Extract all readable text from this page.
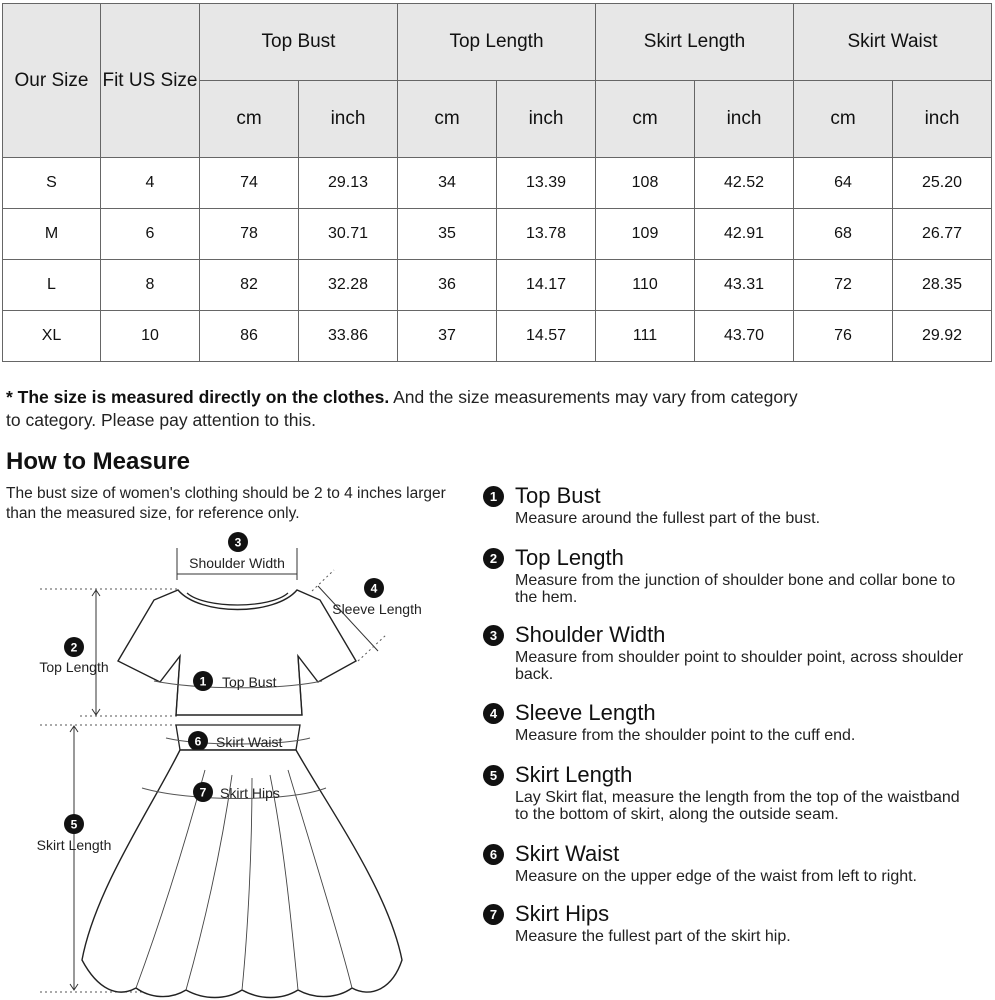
Our Size	Fit US Size	Top Bust		Top Length		Skirt Length		Skirt Waist	
		cm	inch	cm	inch	cm	inch	cm	inch
S	4	74	29.13	34	13.39	108	42.52	64	25.20
M	6	78	30.71	35	13.78	109	42.91	68	26.77
L	8	82	32.28	36	14.17	110	43.31	72	28.35
XL	10	86	33.86	37	14.57	111	43.70	76	29.92
* The size is measured directly on the clothes. And the size measurements may vary from category to category. Please pay attention to this.
How to Measure
The bust size of women's clothing should be 2 to 4 inches larger than the measured size, for reference only.
3
Shoulder Width
2
Top Length
4
Sleeve Length
1 Top Bust
5
Skirt Length
6 Skirt Waist
7 Skirt Hips
1 Top Bust
Measure around the fullest part of the bust.
2 Top Length
Measure from the junction of shoulder bone and collar bone to the hem.
3 Shoulder Width
Measure from shoulder point to shoulder point, across shoulder back.
4 Sleeve Length
Measure from the shoulder point to the cuff end.
5 Skirt Length
Lay Skirt flat, measure the length from the top of the waistband to the bottom of skirt, along the outside seam.
6 Skirt Waist
Measure on the upper edge of the waist from left to right.
7 Skirt Hips
Measure the fullest part of the skirt hip.
